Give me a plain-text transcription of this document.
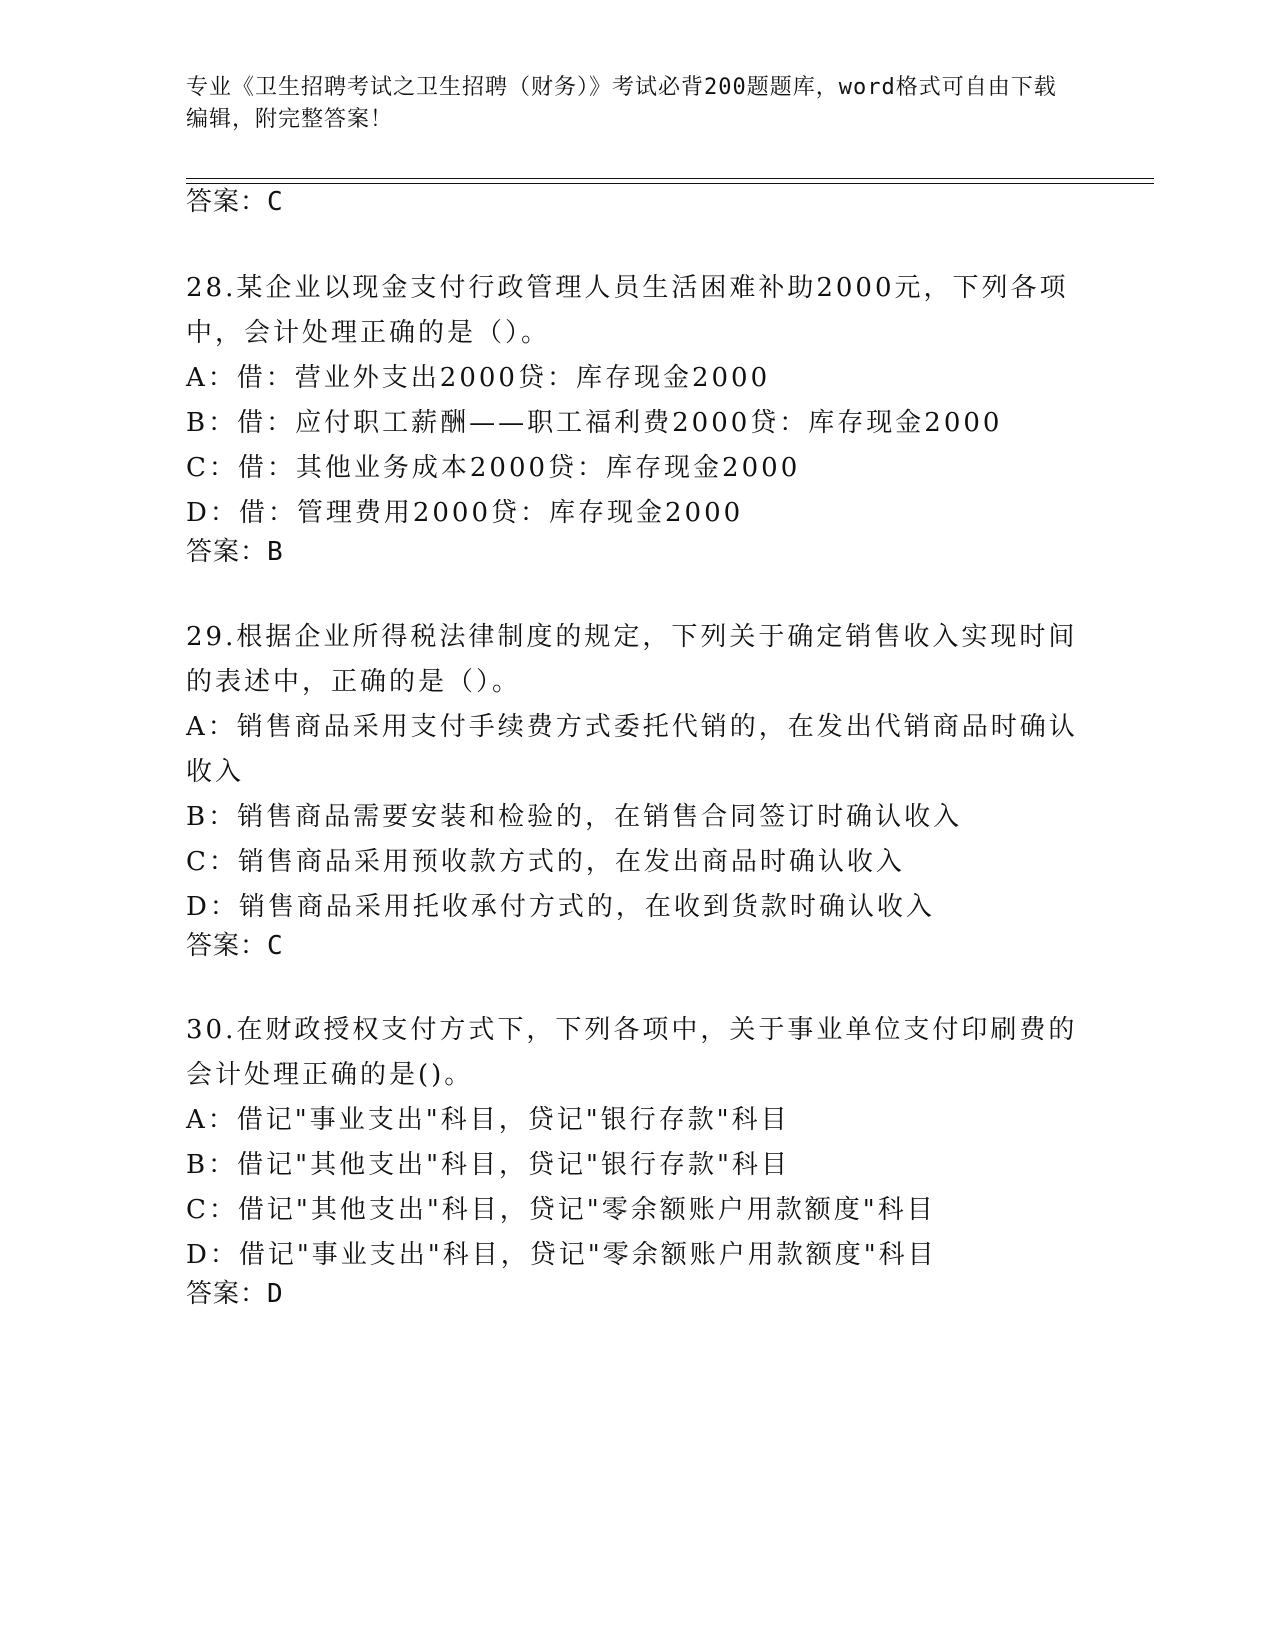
专业《卫生招聘考试之卫生招聘（财务）》考试必背200题题库，word格式可自由下载编辑，附完整答案！
答案：C
28.某企业以现金支付行政管理人员生活困难补助2000元，下列各项中，会计处理正确的是（）。
A：借：营业外支出2000贷：库存现金2000
B：借：应付职工薪酬——职工福利费2000贷：库存现金2000
C：借：其他业务成本2000贷：库存现金2000
D：借：管理费用2000贷：库存现金2000
答案：B
29.根据企业所得税法律制度的规定，下列关于确定销售收入实现时间的表述中，正确的是（）。
A：销售商品采用支付手续费方式委托代销的，在发出代销商品时确认收入
B：销售商品需要安装和检验的，在销售合同签订时确认收入
C：销售商品采用预收款方式的，在发出商品时确认收入
D：销售商品采用托收承付方式的，在收到货款时确认收入
答案：C
30.在财政授权支付方式下，下列各项中，关于事业单位支付印刷费的会计处理正确的是()。
A：借记"事业支出"科目，贷记"银行存款"科目
B：借记"其他支出"科目，贷记"银行存款"科目
C：借记"其他支出"科目，贷记"零余额账户用款额度"科目
D：借记"事业支出"科目，贷记"零余额账户用款额度"科目
答案：D
